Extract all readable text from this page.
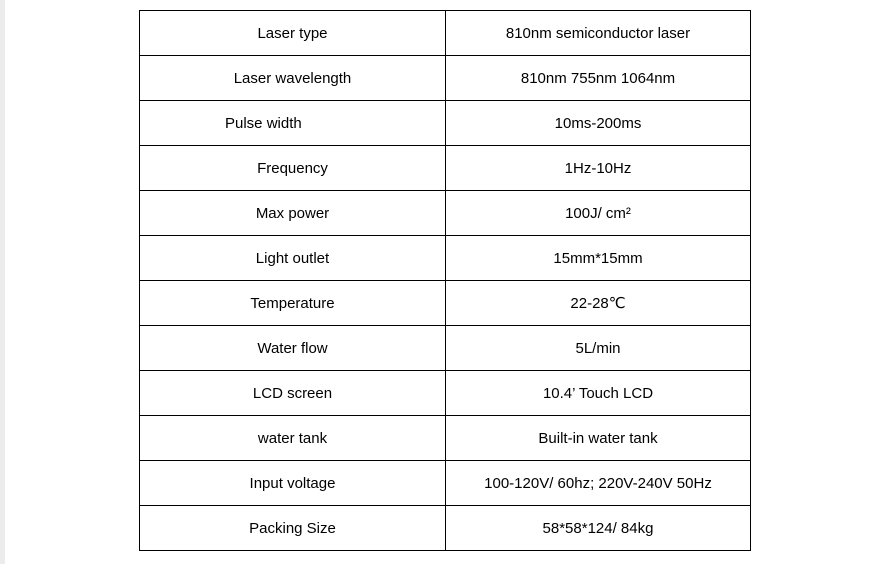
Laser type	810nm semiconductor laser
Laser wavelength	810nm 755nm 1064nm
Pulse width	10ms-200ms
Frequency	1Hz-10Hz
Max power	100J/ cm²
Light outlet	15mm*15mm
Temperature	22-28℃
Water flow	5L/min
LCD screen	10.4’ Touch LCD
water tank	Built-in water tank
Input voltage	100-120V/ 60hz; 220V-240V 50Hz
Packing Size	58*58*124/ 84kg
